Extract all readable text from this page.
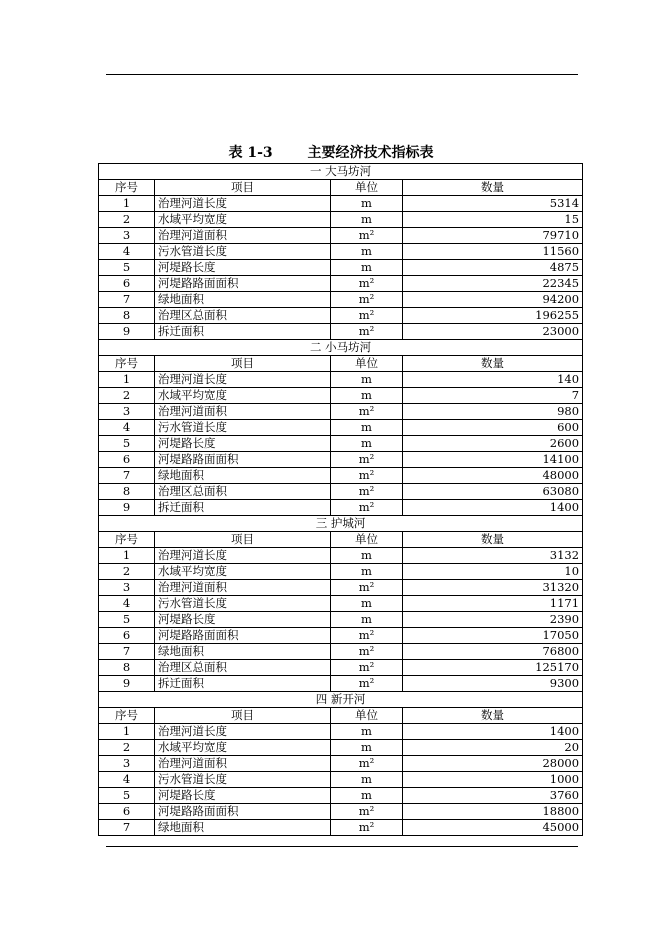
表 1-3 主要经济技术指标表
一 大马坊河			
序号	项目	单位	数量
1	治理河道长度	m	5314
2	水域平均宽度	m	15
3	治理河道面积	m²	79710
4	污水管道长度	m	11560
5	河堤路长度	m	4875
6	河堤路路面面积	m²	22345
7	绿地面积	m²	94200
8	治理区总面积	m²	196255
9	拆迁面积	m²	23000
二 小马坊河			
序号	项目	单位	数量
1	治理河道长度	m	140
2	水域平均宽度	m	7
3	治理河道面积	m²	980
4	污水管道长度	m	600
5	河堤路长度	m	2600
6	河堤路路面面积	m²	14100
7	绿地面积	m²	48000
8	治理区总面积	m²	63080
9	拆迁面积	m²	1400
三 护城河			
序号	项目	单位	数量
1	治理河道长度	m	3132
2	水域平均宽度	m	10
3	治理河道面积	m²	31320
4	污水管道长度	m	1171
5	河堤路长度	m	2390
6	河堤路路面面积	m²	17050
7	绿地面积	m²	76800
8	治理区总面积	m²	125170
9	拆迁面积	m²	9300
四 新开河			
序号	项目	单位	数量
1	治理河道长度	m	1400
2	水域平均宽度	m	20
3	治理河道面积	m²	28000
4	污水管道长度	m	1000
5	河堤路长度	m	3760
6	河堤路路面面积	m²	18800
7	绿地面积	m²	45000
